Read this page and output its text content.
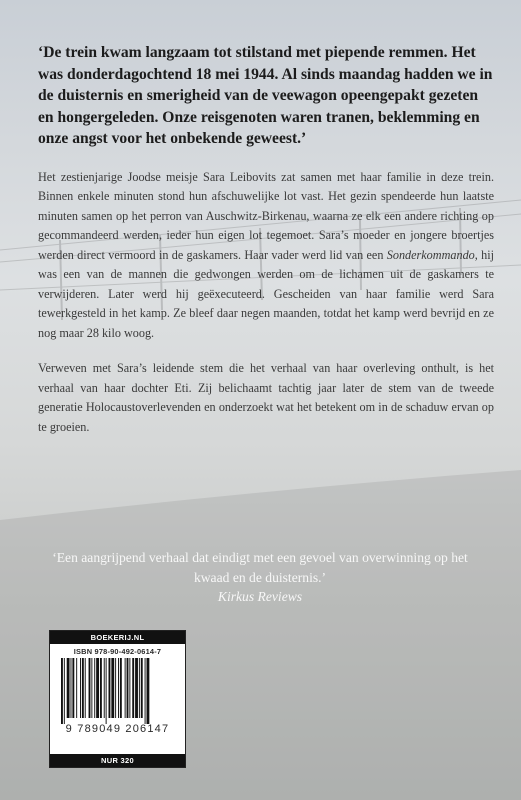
‘De trein kwam langzaam tot stilstand met piepende remmen. Het was donderdagochtend 18 mei 1944. Al sinds maandag hadden we in de duisternis en smerigheid van de veewagon opeengepakt gezeten en hongergeleden. Onze reisgenoten waren tranen, beklemming en onze angst voor het onbekende geweest.’

Het zestienjarige Joodse meisje Sara Leibovits zat samen met haar familie in deze trein. Binnen enkele minuten stond hun afschuwelijke lot vast. Het gezin spendeerde hun laatste minuten samen op het perron van Auschwitz-Birkenau, waarna ze elk een andere richting op gecommandeerd werden, ieder hun eigen lot tegemoet. Sara’s moeder en jongere broertjes werden direct vermoord in de gaskamers. Haar vader werd lid van een Sonderkommando, hij was een van de mannen die gedwongen werden om de lichamen uit de gaskamers te verwijderen. Later werd hij geëxecuteerd. Gescheiden van haar familie werd Sara tewerkgesteld in het kamp. Ze bleef daar negen maanden, totdat het kamp werd bevrijd en ze nog maar 28 kilo woog.

Verweven met Sara’s leidende stem die het verhaal van haar overleving onthult, is het verhaal van haar dochter Eti. Zij belichaamt tachtig jaar later de stem van de tweede generatie Holocaustoverlevenden en onderzoekt wat het betekent om in de schaduw ervan op te groeien.

‘Een aangrijpend verhaal dat eindigt met een gevoel van overwinning op het kwaad en de duisternis.’
Kirkus Reviews
BOEKERIJ.NL
ISBN 978-90-492-0614-7
9 789049 206147
NUR 320
